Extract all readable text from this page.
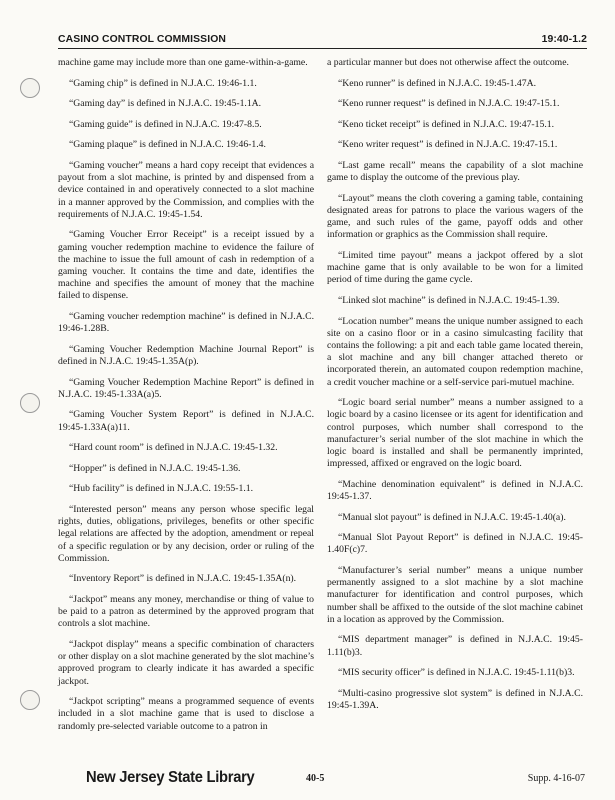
CASINO CONTROL COMMISSION	19:40-1.2

machine game may include more than one game-within-a-game.

“Gaming chip” is defined in N.J.A.C. 19:46-1.1.

“Gaming day” is defined in N.J.A.C. 19:45-1.1A.

“Gaming guide” is defined in N.J.A.C. 19:47-8.5.

“Gaming plaque” is defined in N.J.A.C. 19:46-1.4.

“Gaming voucher” means a hard copy receipt that evidences a payout from a slot machine, is printed by and dispensed from a device contained in and operatively connected to a slot machine in a manner approved by the Commission, and complies with the requirements of N.J.A.C. 19:45-1.54.

“Gaming Voucher Error Receipt” is a receipt issued by a gaming voucher redemption machine to evidence the failure of the machine to issue the full amount of cash in redemption of a gaming voucher. It contains the time and date, identifies the machine and specifies the amount of money that the machine failed to dispense.

“Gaming voucher redemption machine” is defined in N.J.A.C. 19:46-1.28B.

“Gaming Voucher Redemption Machine Journal Report” is defined in N.J.A.C. 19:45-1.35A(p).

“Gaming Voucher Redemption Machine Report” is defined in N.J.A.C. 19:45-1.33A(a)5.

“Gaming Voucher System Report” is defined in N.J.A.C. 19:45-1.33A(a)11.

“Hard count room” is defined in N.J.A.C. 19:45-1.32.

“Hopper” is defined in N.J.A.C. 19:45-1.36.

“Hub facility” is defined in N.J.A.C. 19:55-1.1.

“Interested person” means any person whose specific legal rights, duties, obligations, privileges, benefits or other specific legal relations are affected by the adoption, amendment or repeal of a specific regulation or by any decision, order or ruling of the Commission.

“Inventory Report” is defined in N.J.A.C. 19:45-1.35A(n).

“Jackpot” means any money, merchandise or thing of value to be paid to a patron as determined by the approved program that controls a slot machine.

“Jackpot display” means a specific combination of characters or other display on a slot machine generated by the slot machine’s approved program to clearly indicate it has awarded a specific jackpot.

“Jackpot scripting” means a programmed sequence of events included in a slot machine game that is used to disclose a randomly pre-selected variable outcome to a patron in

a particular manner but does not otherwise affect the outcome.

“Keno runner” is defined in N.J.A.C. 19:45-1.47A.

“Keno runner request” is defined in N.J.A.C. 19:47-15.1.

“Keno ticket receipt” is defined in N.J.A.C. 19:47-15.1.

“Keno writer request” is defined in N.J.A.C. 19:47-15.1.

“Last game recall” means the capability of a slot machine game to display the outcome of the previous play.

“Layout” means the cloth covering a gaming table, containing designated areas for patrons to place the various wagers of the game, and such rules of the game, payoff odds and other information or graphics as the Commission shall require.

“Limited time payout” means a jackpot offered by a slot machine game that is only available to be won for a limited period of time during the game cycle.

“Linked slot machine” is defined in N.J.A.C. 19:45-1.39.

“Location number” means the unique number assigned to each site on a casino floor or in a casino simulcasting facility that contains the following: a pit and each table game located therein, a slot machine and any bill changer attached thereto or incorporated therein, an automated coupon redemption machine, a credit voucher machine or a self-service pari-mutuel machine.

“Logic board serial number” means a number assigned to a logic board by a casino licensee or its agent for identification and control purposes, which number shall correspond to the manufacturer’s serial number of the slot machine in which the logic board is installed and shall be permanently imprinted, impressed, affixed or engraved on the logic board.

“Machine denomination equivalent” is defined in N.J.A.C. 19:45-1.37.

“Manual slot payout” is defined in N.J.A.C. 19:45-1.40(a).

“Manual Slot Payout Report” is defined in N.J.A.C. 19:45-1.40F(c)7.

“Manufacturer’s serial number” means a unique number permanently assigned to a slot machine by a slot machine manufacturer for identification and control purposes, which number shall be affixed to the outside of the slot machine cabinet in a location as approved by the Commission.

“MIS department manager” is defined in N.J.A.C. 19:45-1.11(b)3.

“MIS security officer” is defined in N.J.A.C. 19:45-1.11(b)3.

“Multi-casino progressive slot system” is defined in N.J.A.C. 19:45-1.39A.

New Jersey State Library	40-5	Supp. 4-16-07
